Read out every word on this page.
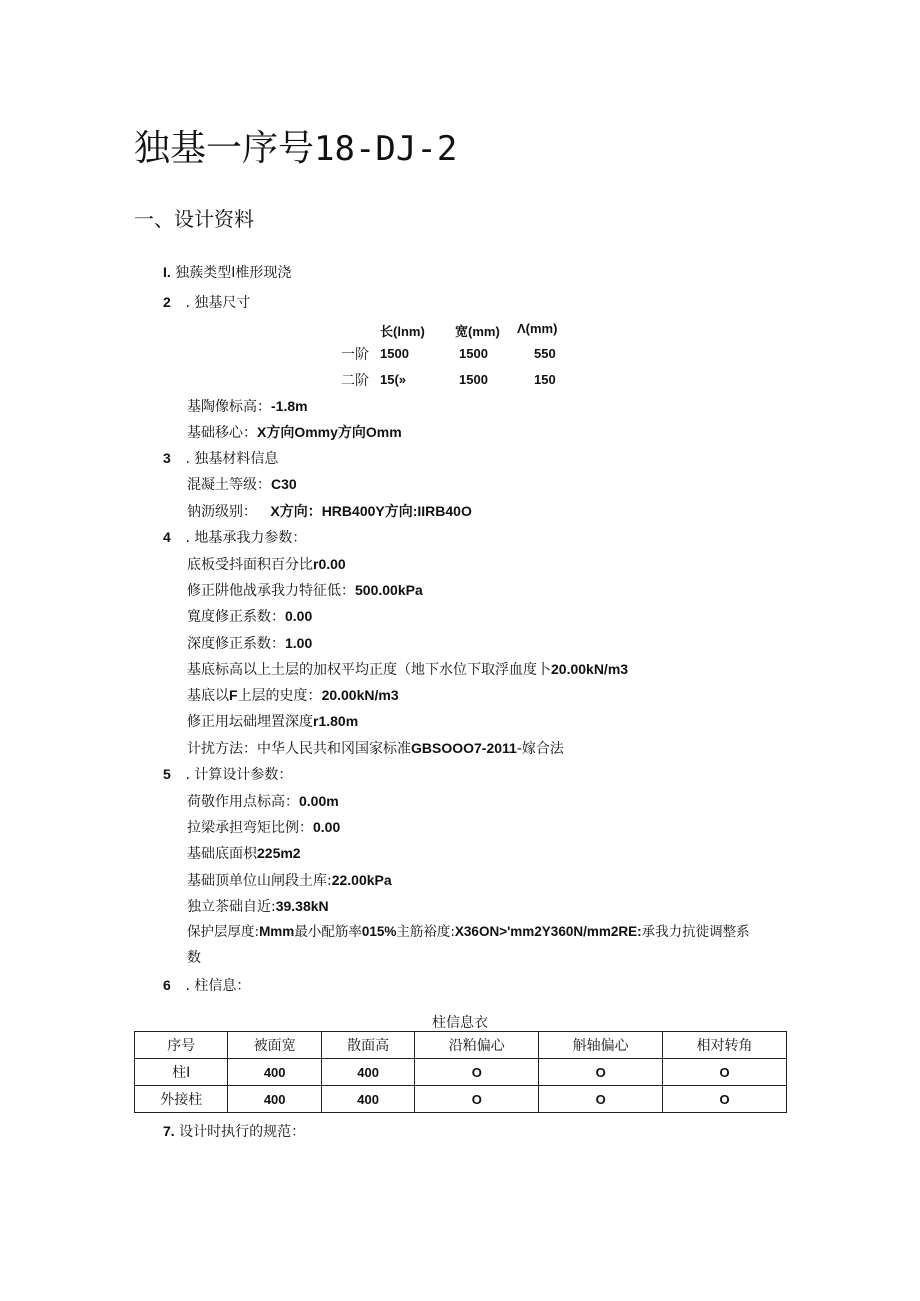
独基一序号18-DJ-2
一、设计资料
I. 独蔟类型I椎形现浇
2 . 独基尺寸
长(lnm) 宽(mm) Λ(mm)
一阶 1500	1500	550
二阶 15(»	1500	150
基陶像标高：-1.8m
基础移心：X方向Ommy方向Omm
3 . 独基材料信息
混凝土等级：C30
钠沥级别： X方向：HRB400Y方向:IIRB40O
4 . 地基承我力参数：
底板受抖面积百分比r0.00
修正阱他战承我力特征低：500.00kPa
寬度修正系数：0.00
深度修正系数：1.00
基底标高以上土层的加权平均正度（地下水位下取浮血度卜20.00kN/m3
基底以F上层的史度：20.00kN/m3
修正用坛础埋置深度r1.80m
计扰方法：中华人民共和冈国家标准GBSOOO7-2011-嫁合法
5 . 计算设计参数：
荷敬作用点标高：0.00m
拉梁承担弯矩比例：0.00
基础底面枳225m2
基础顶单位山闸段土库:22.00kPa
独立茶础自近:39.38kN
保护层厚度:Mmm最小配筋率015%主筋裕度:X36ON>'mm2Y360N/mm2RE:承我力抗徙调整系
数
6 . 柱信息：
柱信息衣
序号	被面宽	散面高	沿粕偏心	斛轴偏心	相对转角
柱I	400	400	O	O	O
外接柱	400	400	O	O	O
7. 设计时执行的规范：
